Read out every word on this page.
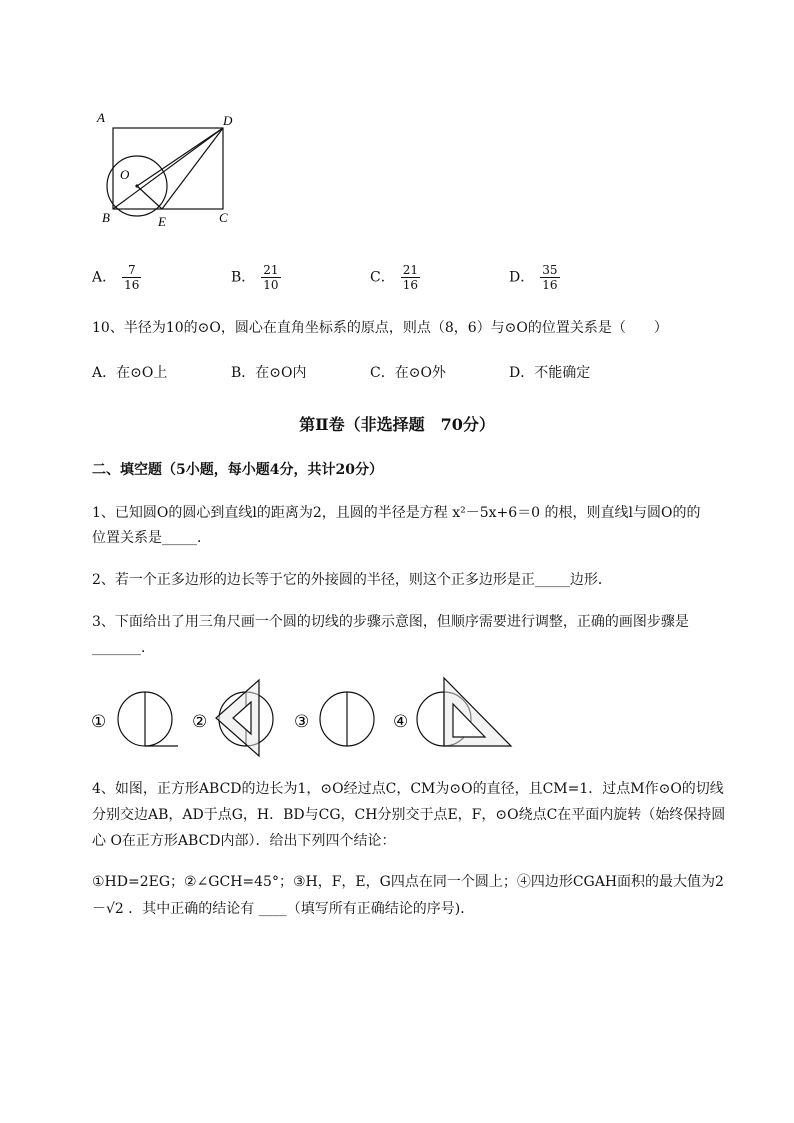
A	D
O
B	E	C
A． $\frac{7}{16}$	B． $\frac{21}{10}$	C． $\frac{21}{16}$	D． $\frac{35}{16}$
10、半径为10的⊙O，圆心在直角坐标系的原点，则点（8，6）与⊙O的位置关系是（　　）
A．在⊙O上	B．在⊙O内	C．在⊙O外	D．不能确定
第Ⅱ卷（非选择题　70分）
二、填空题（5小题，每小题4分，共计20分）
1、已知圆O的圆心到直线l的距离为2，且圆的半径是方程 x²－5x+6＝0 的根，则直线l与圆O的的
位置关系是_____．
2、若一个正多边形的边长等于它的外接圆的半径，则这个正多边形是正_____边形．
3、下面给出了用三角尺画一个圆的切线的步骤示意图，但顺序需要进行调整，正确的画图步骤是
_______．
①	②	③	④
4、如图，正方形ABCD的边长为1，⊙O经过点C，CM为⊙O的直径，且CM=1．过点M作⊙O的切线
分别交边AB，AD于点G，H．BD与CG，CH分别交于点E，F，⊙O绕点C在平面内旋转（始终保持圆
心 O在正方形ABCD内部）．给出下列四个结论：
①HD=2EG；②∠GCH=45°；③H，F，E，G四点在同一个圆上；④四边形CGAH面积的最大值为2
－√2 ．其中正确的结论有 ____（填写所有正确结论的序号)．
